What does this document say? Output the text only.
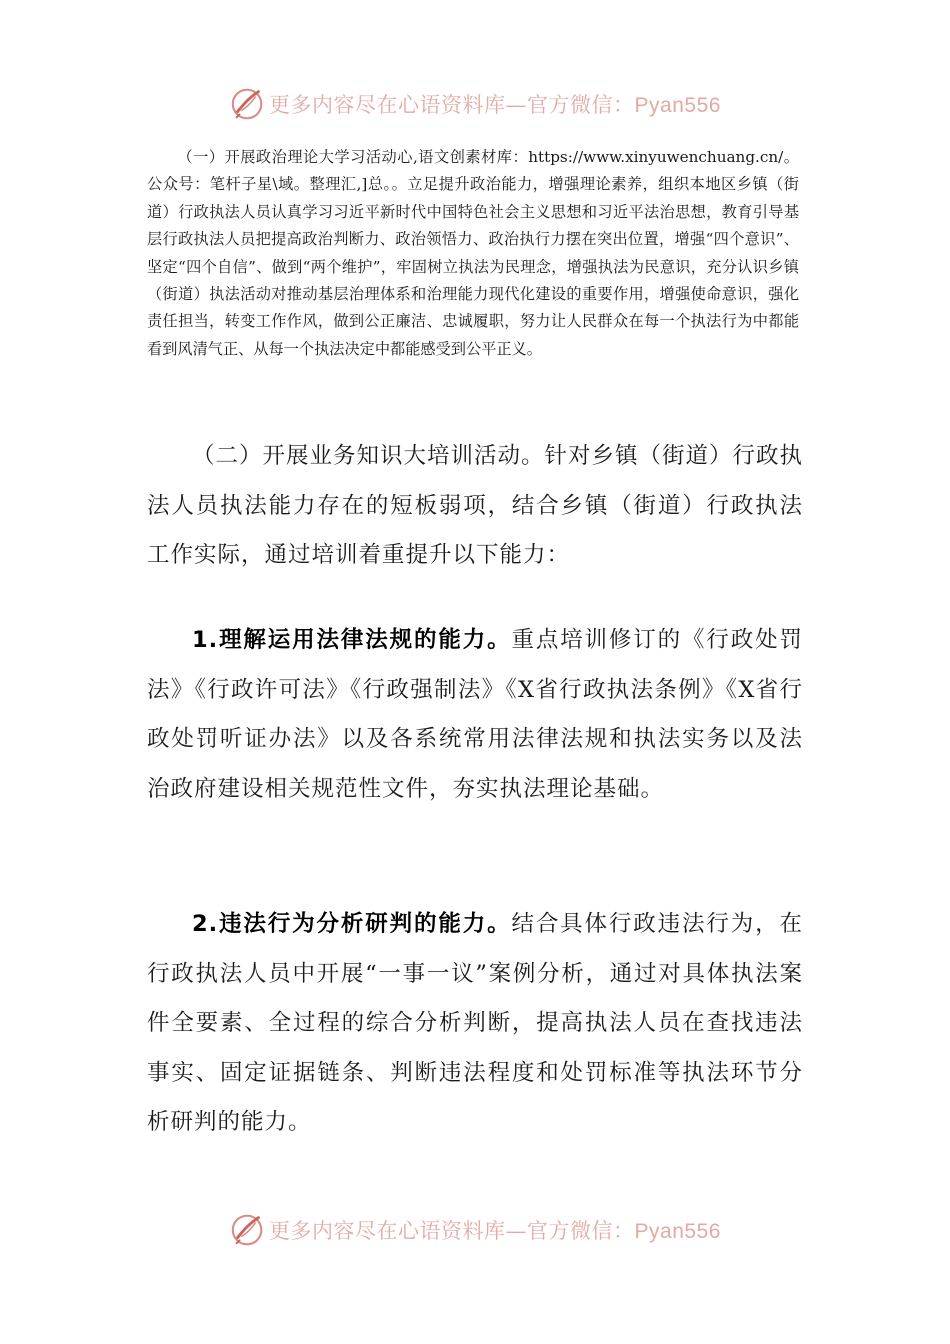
更多内容尽在心语资料库—官方微信：Pyan556

（一）开展政治理论大学习活动心,语文创素材库：https://www.xinyuwenchuang.cn/。公众号：笔杆子星\域。整理汇,]总。。立足提升政治能力，增强理论素养，组织本地区乡镇（街道）行政执法人员认真学习习近平新时代中国特色社会主义思想和习近平法治思想，教育引导基层行政执法人员把提高政治判断力、政治领悟力、政治执行力摆在突出位置，增强“四个意识”、坚定“四个自信”、做到“两个维护”，牢固树立执法为民理念，增强执法为民意识，充分认识乡镇（街道）执法活动对推动基层治理体系和治理能力现代化建设的重要作用，增强使命意识，强化责任担当，转变工作作风，做到公正廉洁、忠诚履职，努力让人民群众在每一个执法行为中都能看到风清气正、从每一个执法决定中都能感受到公平正义。

（二）开展业务知识大培训活动。针对乡镇（街道）行政执法人员执法能力存在的短板弱项，结合乡镇（街道）行政执法工作实际，通过培训着重提升以下能力：

1.理解运用法律法规的能力。重点培训修订的《行政处罚法》《行政许可法》《行政强制法》《X省行政执法条例》《X省行政处罚听证办法》以及各系统常用法律法规和执法实务以及法治政府建设相关规范性文件，夯实执法理论基础。

2.违法行为分析研判的能力。结合具体行政违法行为，在行政执法人员中开展“一事一议”案例分析，通过对具体执法案件全要素、全过程的综合分析判断，提高执法人员在查找违法事实、固定证据链条、判断违法程度和处罚标准等执法环节分析研判的能力。

更多内容尽在心语资料库—官方微信：Pyan556
